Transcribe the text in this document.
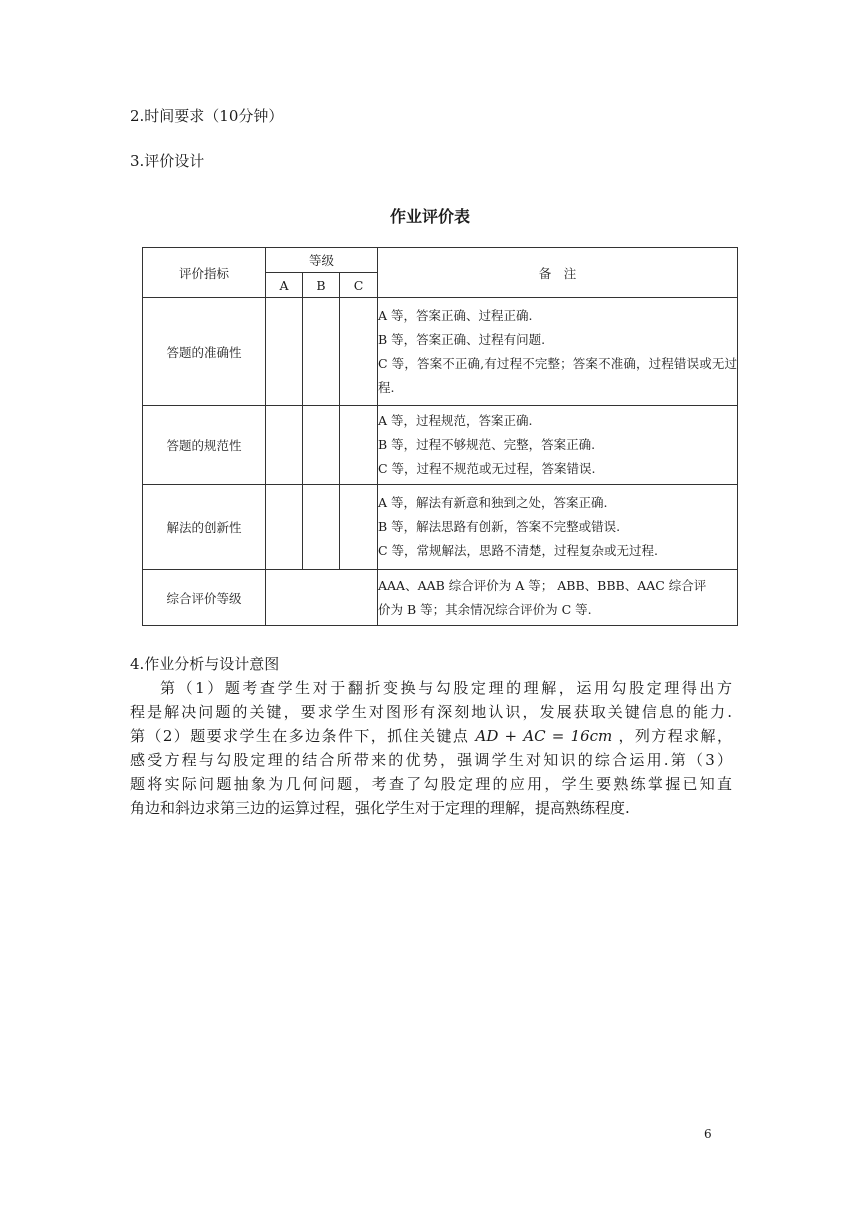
2.时间要求（10分钟）
3.评价设计
作业评价表
评价指标	等级			备　注
	A	B	C	
答题的准确性				A 等，答案正确、过程正确.
B 等，答案正确、过程有问题.
C 等，答案不正确,有过程不完整；答案不准确，过程错误或无过程.

答题的规范性				A 等，过程规范，答案正确.
B 等，过程不够规范、完整，答案正确.
C 等，过程不规范或无过程，答案错误.

解法的创新性				A 等，解法有新意和独到之处，答案正确.
B 等，解法思路有创新，答案不完整或错误.
C 等，常规解法，思路不清楚，过程复杂或无过程.

综合评价等级				AAA、AAB 综合评价为 A 等； ABB、BBB、AAC 综合评
价为 B 等；其余情况综合评价为 C 等.
4.作业分析与设计意图
第（1）题考查学生对于翻折变换与勾股定理的理解，运用勾股定理得出方
程是解决问题的关键，要求学生对图形有深刻地认识，发展获取关键信息的能力.
第（2）题要求学生在多边条件下，抓住关键点 AD + AC = 16cm ，列方程求解，
感受方程与勾股定理的结合所带来的优势，强调学生对知识的综合运用.第（3）
题将实际问题抽象为几何问题，考查了勾股定理的应用，学生要熟练掌握已知直
角边和斜边求第三边的运算过程，强化学生对于定理的理解，提高熟练程度.
6
